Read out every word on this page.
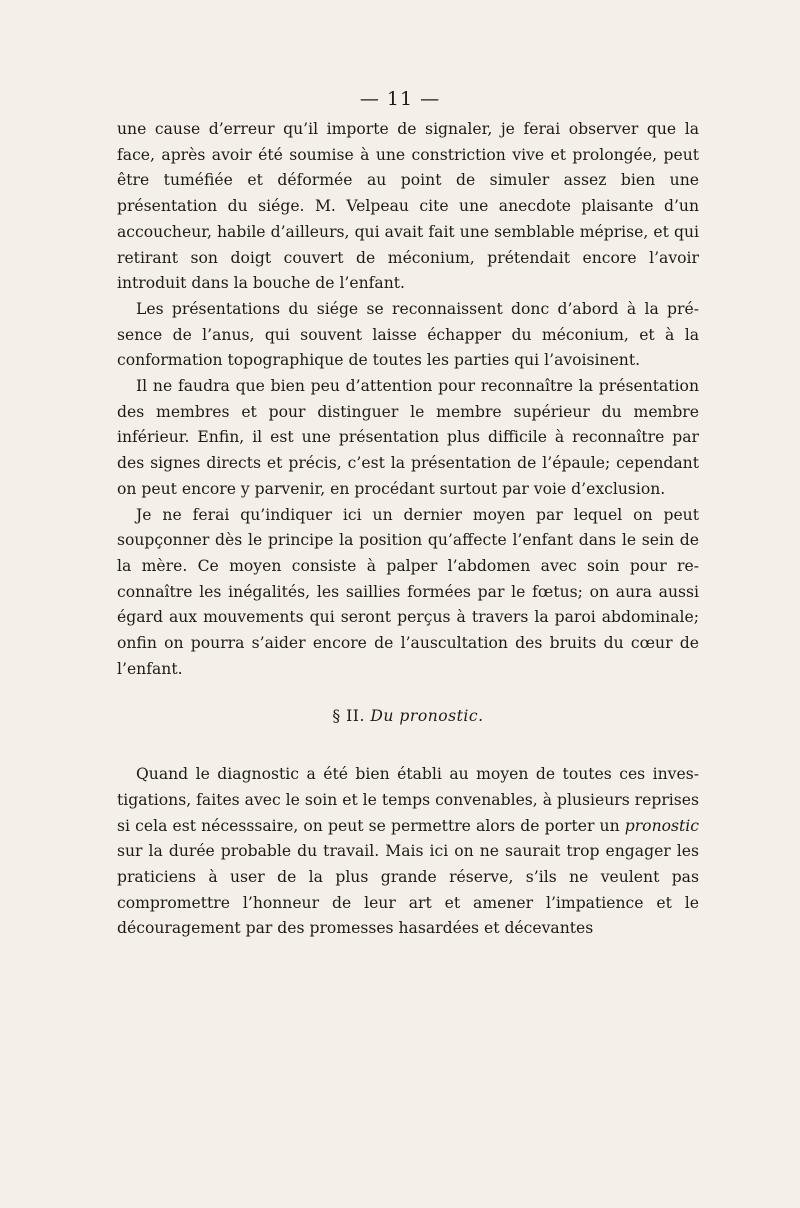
— 11 —

une cause d’erreur qu’il importe de signaler, je ferai observer que la face, après avoir été soumise à une constriction vive et prolongée, peut être tuméfiée et déformée au point de simuler assez bien une présentation du siége. M. Velpeau cite une anecdote plaisante d’un accoucheur, habile d’ailleurs, qui avait fait une semblable méprise, et qui retirant son doigt couvert de méconium, prétendait encore l’avoir introduit dans la bouche de l’enfant.

Les présentations du siége se reconnaissent donc d’abord à la présence de l’anus, qui souvent laisse échapper du méconium, et à la conformation topographique de toutes les parties qui l’avoisinent.

Il ne faudra que bien peu d’attention pour reconnaître la présentation des membres et pour distinguer le membre supérieur du membre inférieur. Enfin, il est une présentation plus difficile à reconnaître par des signes directs et précis, c’est la présentation de l’épaule; cependant on peut encore y parvenir, en procédant surtout par voie d’exclusion.

Je ne ferai qu’indiquer ici un dernier moyen par lequel on peut soupçonner dès le principe la position qu’affecte l’enfant dans le sein de la mère. Ce moyen consiste à palper l’abdomen avec soin pour reconnaître les inégalités, les saillies formées par le fœtus; on aura aussi égard aux mouvements qui seront perçus à travers la paroi abdominale; onfin on pourra s’aider encore de l’auscultation des bruits du cœur de l’enfant.

§ II. Du pronostic.

Quand le diagnostic a été bien établi au moyen de toutes ces investigations, faites avec le soin et le temps convenables, à plusieurs reprises si cela est nécesssaire, on peut se permettre alors de porter un pronostic sur la durée probable du travail. Mais ici on ne saurait trop engager les praticiens à user de la plus grande réserve, s’ils ne veulent pas compromettre l’honneur de leur art et amener l’impatience et le découragement par des promesses hasardées et décevantes
